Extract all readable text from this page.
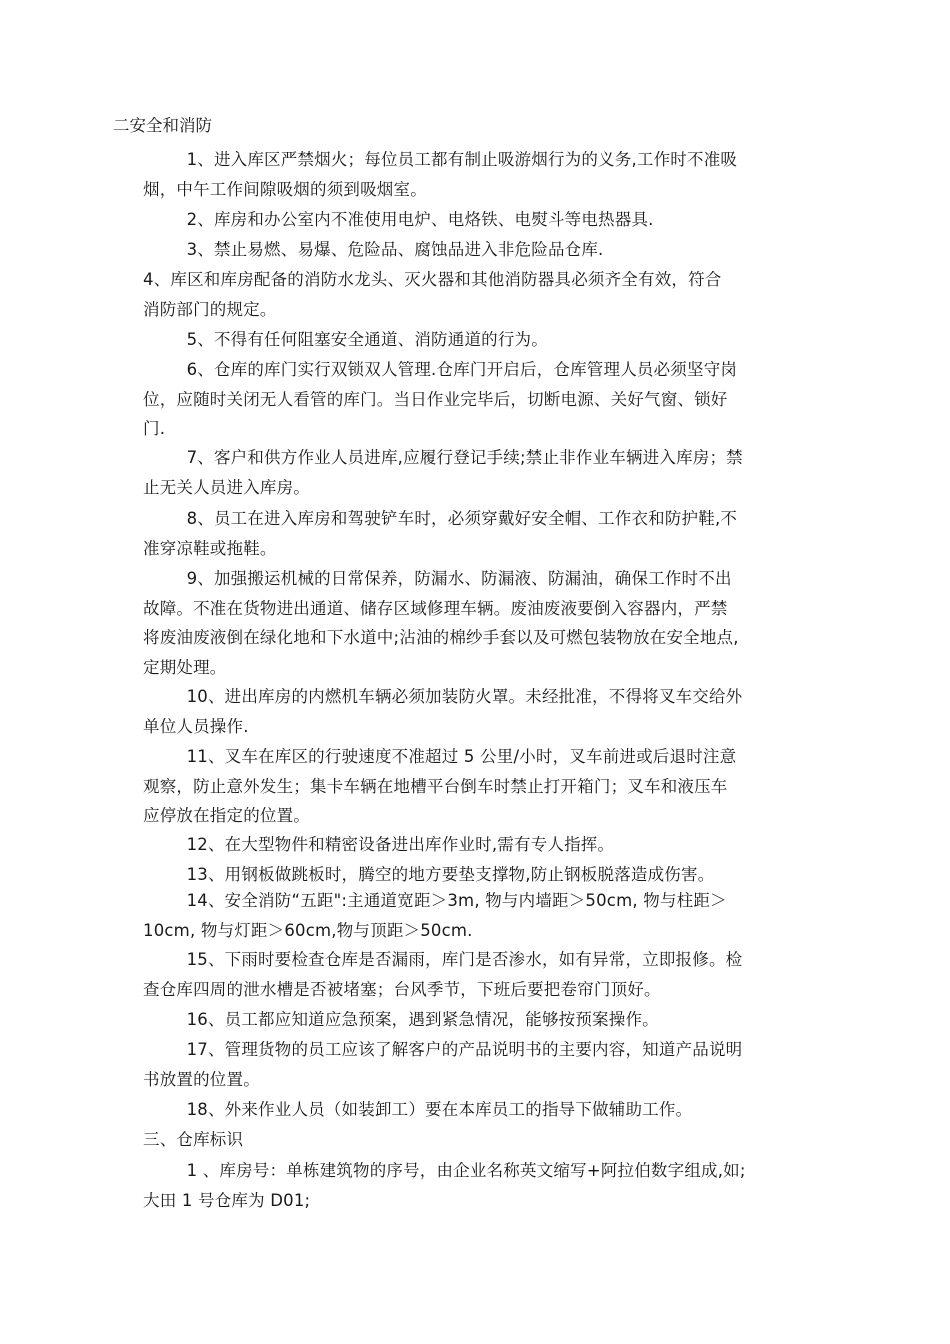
二安全和消防

1、进入库区严禁烟火；每位员工都有制止吸游烟行为的义务,工作时不准吸
烟，中午工作间隙吸烟的须到吸烟室。

2、库房和办公室内不准使用电炉、电烙铁、电熨斗等电热器具.

3、禁止易燃、易爆、危险品、腐蚀品进入非危险品仓库.

4、库区和库房配备的消防水龙头、灭火器和其他消防器具必须齐全有效，符合
消防部门的规定。

5、不得有任何阻塞安全通道、消防通道的行为。

6、仓库的库门实行双锁双人管理.仓库门开启后，仓库管理人员必须坚守岗
位，应随时关闭无人看管的库门。当日作业完毕后，切断电源、关好气窗、锁好
门.

7、客户和供方作业人员进库,应履行登记手续;禁止非作业车辆进入库房；禁
止无关人员进入库房。

8、员工在进入库房和驾驶铲车时，必须穿戴好安全帽、工作衣和防护鞋,不
准穿凉鞋或拖鞋。

9、加强搬运机械的日常保养，防漏水、防漏液、防漏油，确保工作时不出
故障。不准在货物进出通道、储存区域修理车辆。废油废液要倒入容器内，严禁
将废油废液倒在绿化地和下水道中;沾油的棉纱手套以及可燃包装物放在安全地点,
定期处理。

10、进出库房的内燃机车辆必须加装防火罩。未经批准，不得将叉车交给外
单位人员操作.

11、叉车在库区的行驶速度不准超过 5 公里/小时，叉车前进或后退时注意
观察，防止意外发生；集卡车辆在地槽平台倒车时禁止打开箱门；叉车和液压车
应停放在指定的位置。

12、在大型物件和精密设备进出库作业时,需有专人指挥。

13、用钢板做跳板时，腾空的地方要垫支撑物,防止钢板脱落造成伤害。

14、安全消防“五距":主通道宽距＞3m, 物与内墙距＞50cm, 物与柱距＞
10cm, 物与灯距＞60cm,物与顶距＞50cm.

15、下雨时要检查仓库是否漏雨，库门是否渗水，如有异常，立即报修。检
查仓库四周的泄水槽是否被堵塞；台风季节，下班后要把卷帘门顶好。

16、员工都应知道应急预案，遇到紧急情况，能够按预案操作。

17、管理货物的员工应该了解客户的产品说明书的主要内容，知道产品说明
书放置的位置。

18、外来作业人员（如装卸工）要在本库员工的指导下做辅助工作。

三、仓库标识

1 、库房号：单栋建筑物的序号，由企业名称英文缩写+阿拉伯数字组成,如;
大田 1 号仓库为 D01;
